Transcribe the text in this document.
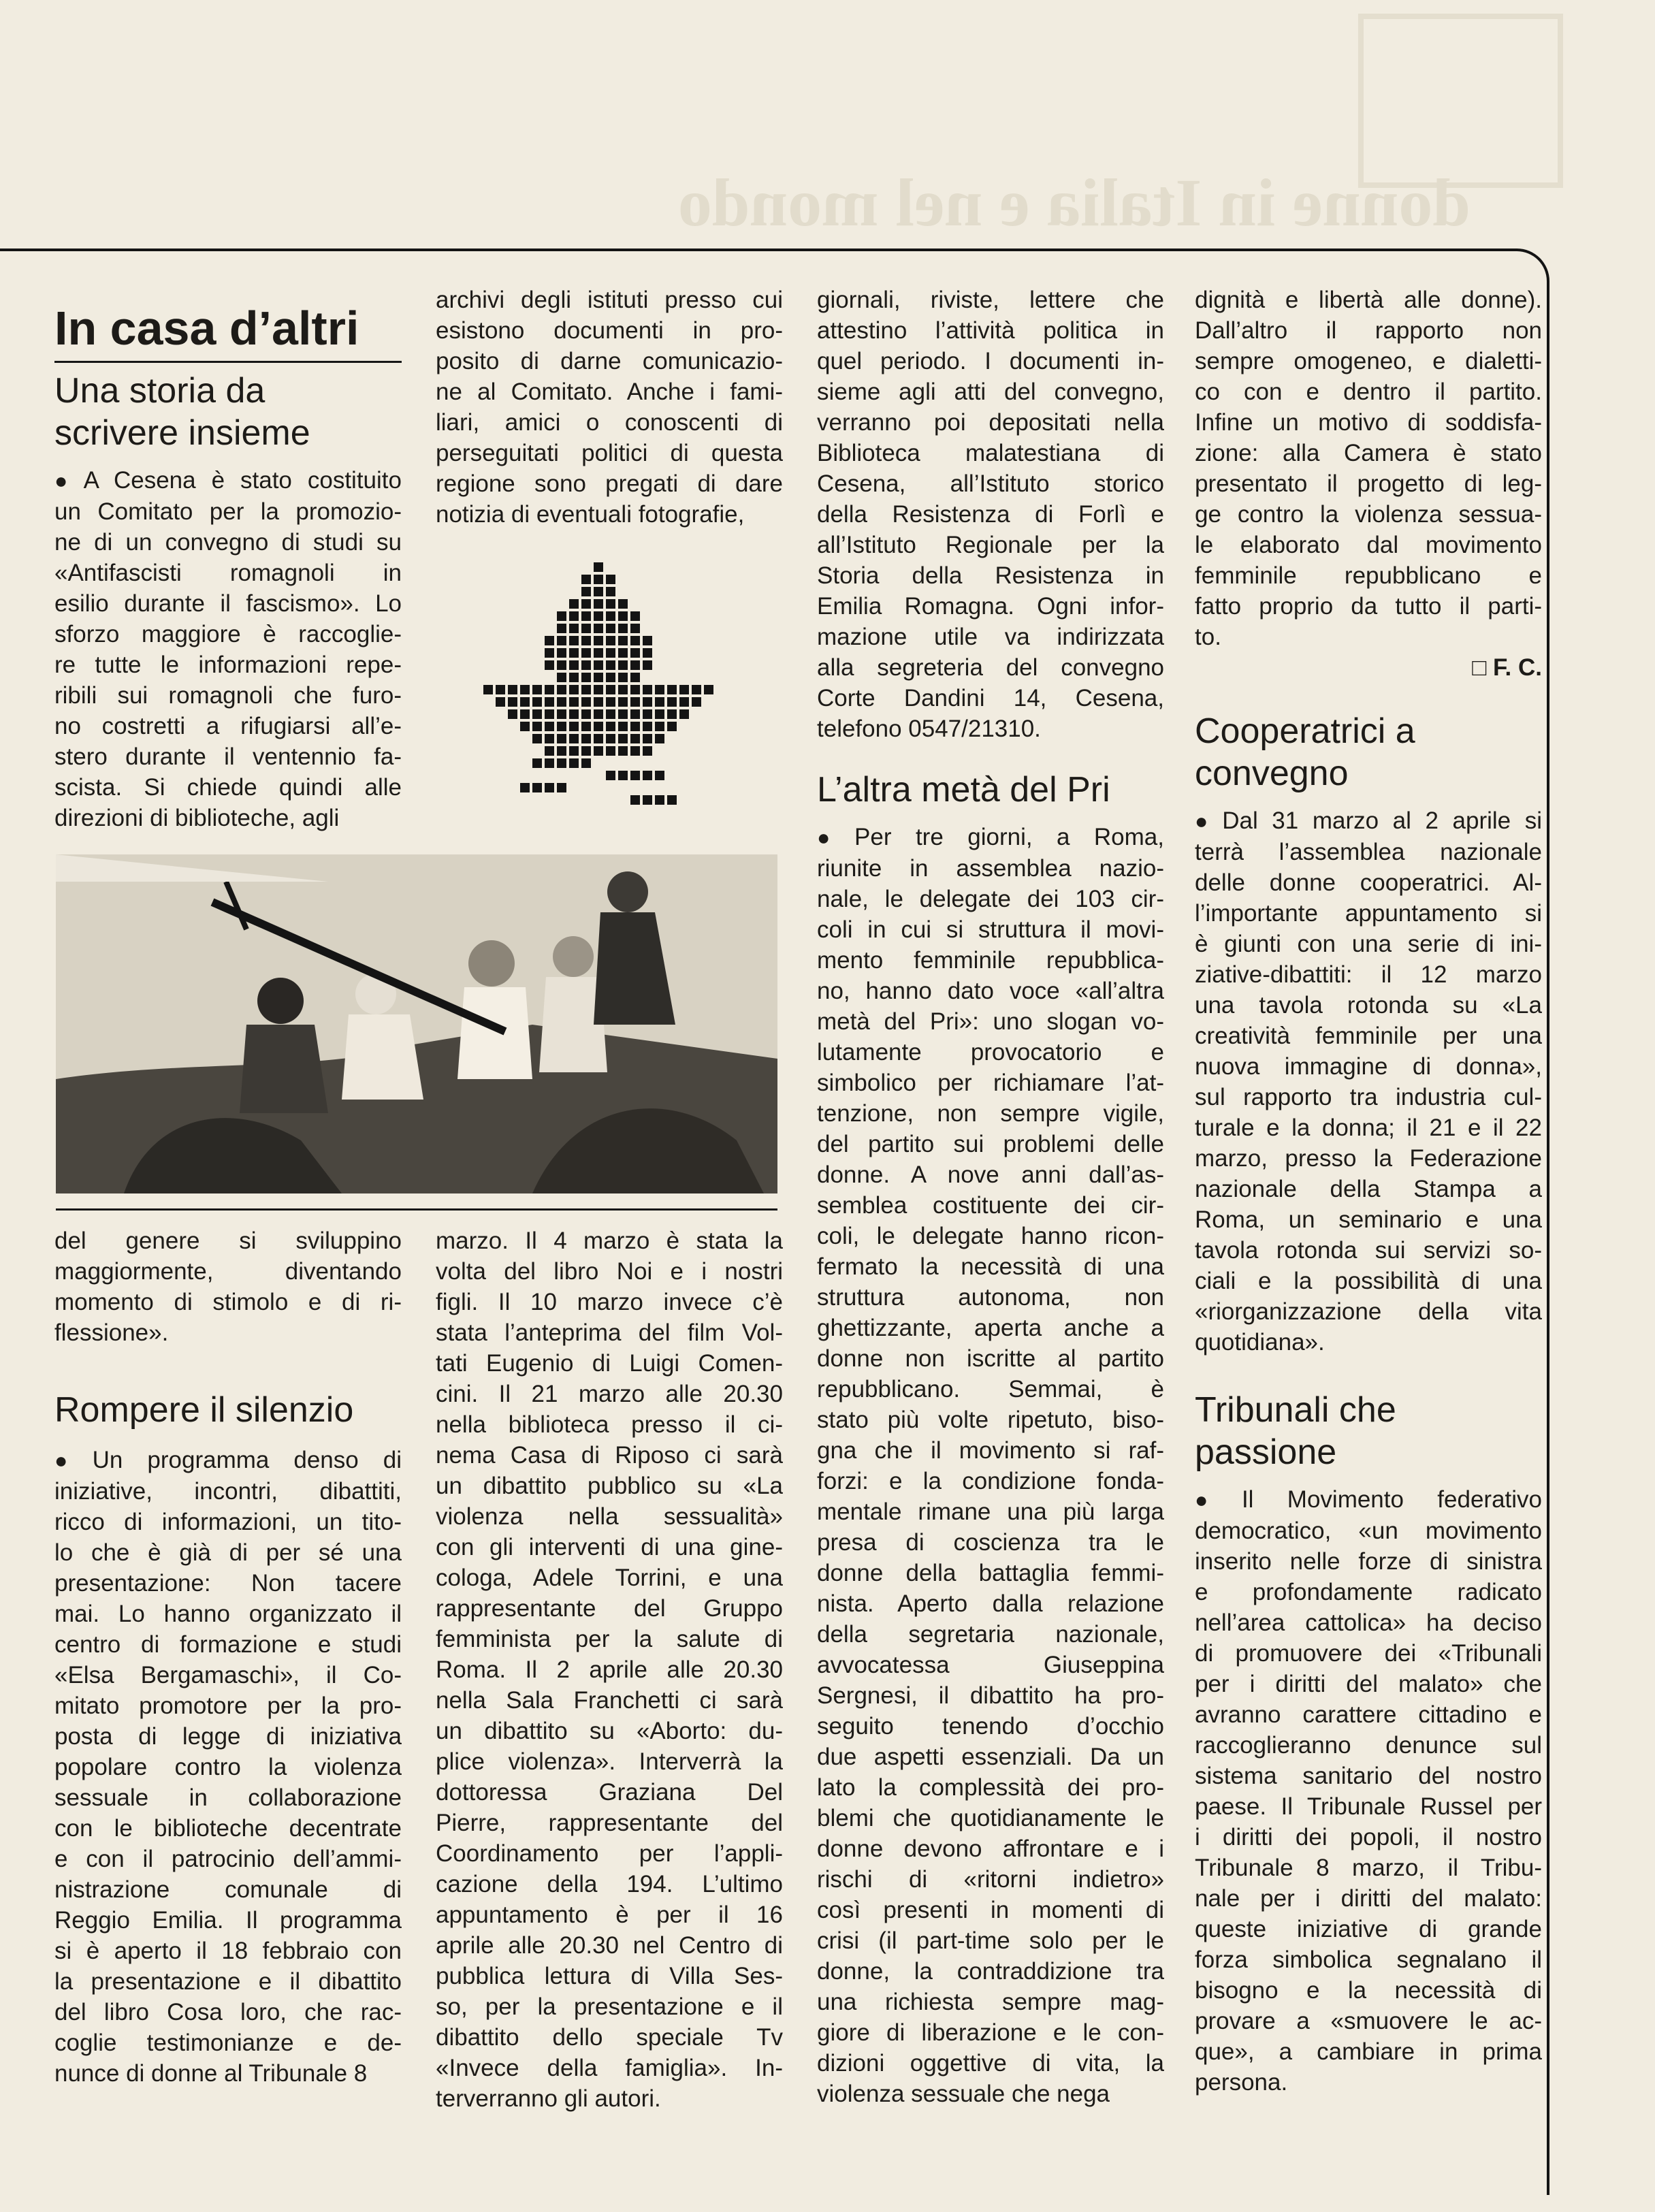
donne in Italia e nel mondo
In casa d’altri
Una storia da scrivere insieme

● A Cesena è stato costituito

un Comitato per la promozio-

ne di un convegno di studi su

«Antifascisti romagnoli in

esilio durante il fascismo». Lo

sforzo maggiore è raccoglie-

re tutte le informazioni repe-

ribili sui romagnoli che furo-

no costretti a rifugiarsi all’e-

stero durante il ventennio fa-

scista. Si chiede quindi alle

direzioni di biblioteche, agli

archivi degli istituti presso cui

esistono documenti in pro-

posito di darne comunicazio-

ne al Comitato. Anche i fami-

liari, amici o conoscenti di

perseguitati politici di questa

regione sono pregati di dare

notizia di eventuali fotografie,

del genere si sviluppino

maggiormente, diventando

momento di stimolo e di ri-

flessione».

Rompere il silenzio

● Un programma denso di

iniziative, incontri, dibattiti,

ricco di informazioni, un tito-

lo che è già di per sé una

presentazione: Non tacere

mai. Lo hanno organizzato il

centro di formazione e studi

«Elsa Bergamaschi», il Co-

mitato promotore per la pro-

posta di legge di iniziativa

popolare contro la violenza

sessuale in collaborazione

con le biblioteche decentrate

e con il patrocinio dell’ammi-

nistrazione comunale di

Reggio Emilia. Il programma

si è aperto il 18 febbraio con

la presentazione e il dibattito

del libro Cosa loro, che rac-

coglie testimonianze e de-

nunce di donne al Tribunale 8

marzo. Il 4 marzo è stata la

volta del libro Noi e i nostri

figli. Il 10 marzo invece c’è

stata l’anteprima del film Vol-

tati Eugenio di Luigi Comen-

cini. Il 21 marzo alle 20.30

nella biblioteca presso il ci-

nema Casa di Riposo ci sarà

un dibattito pubblico su «La

violenza nella sessualità»

con gli interventi di una gine-

cologa, Adele Torrini, e una

rappresentante del Gruppo

femminista per la salute di

Roma. Il 2 aprile alle 20.30

nella Sala Franchetti ci sarà

un dibattito su «Aborto: du-

plice violenza». Interverrà la

dottoressa Graziana Del

Pierre, rappresentante del

Coordinamento per l’appli-

cazione della 194. L’ultimo

appuntamento è per il 16

aprile alle 20.30 nel Centro di

pubblica lettura di Villa Ses-

so, per la presentazione e il

dibattito dello speciale Tv

«Invece della famiglia». In-

terverranno gli autori.

giornali, riviste, lettere che

attestino l’attività politica in

quel periodo. I documenti in-

sieme agli atti del convegno,

verranno poi depositati nella

Biblioteca malatestiana di

Cesena, all’Istituto storico

della Resistenza di Forlì e

all’Istituto Regionale per la

Storia della Resistenza in

Emilia Romagna. Ogni infor-

mazione utile va indirizzata

alla segreteria del convegno

Corte Dandini 14, Cesena,

telefono 0547/21310.

L’altra metà del Pri

● Per tre giorni, a Roma,

riunite in assemblea nazio-

nale, le delegate dei 103 cir-

coli in cui si struttura il movi-

mento femminile repubblica-

no, hanno dato voce «all’altra

metà del Pri»: uno slogan vo-

lutamente provocatorio e

simbolico per richiamare l’at-

tenzione, non sempre vigile,

del partito sui problemi delle

donne. A nove anni dall’as-

semblea costituente dei cir-

coli, le delegate hanno ricon-

fermato la necessità di una

struttura autonoma, non

ghettizzante, aperta anche a

donne non iscritte al partito

repubblicano. Semmai, è

stato più volte ripetuto, biso-

gna che il movimento si raf-

forzi: e la condizione fonda-

mentale rimane una più larga

presa di coscienza tra le

donne della battaglia femmi-

nista. Aperto dalla relazione

della segretaria nazionale,

avvocatessa Giuseppina

Sergnesi, il dibattito ha pro-

seguito tenendo d’occhio

due aspetti essenziali. Da un

lato la complessità dei pro-

blemi che quotidianamente le

donne devono affrontare e i

rischi di «ritorni indietro»

così presenti in momenti di

crisi (il part-time solo per le

donne, la contraddizione tra

una richiesta sempre mag-

giore di liberazione e le con-

dizioni oggettive di vita, la

violenza sessuale che nega

dignità e libertà alle donne).

Dall’altro il rapporto non

sempre omogeneo, e dialetti-

co con e dentro il partito.

Infine un motivo di soddisfa-

zione: alla Camera è stato

presentato il progetto di leg-

ge contro la violenza sessua-

le elaborato dal movimento

femminile repubblicano e

fatto proprio da tutto il parti-

to.

□ F. C.
Cooperatrici a convegno

● Dal 31 marzo al 2 aprile si

terrà l’assemblea nazionale

delle donne cooperatrici. Al-

l’importante appuntamento si

è giunti con una serie di ini-

ziative-dibattiti: il 12 marzo

una tavola rotonda su «La

creatività femminile per una

nuova immagine di donna»,

sul rapporto tra industria cul-

turale e la donna; il 21 e il 22

marzo, presso la Federazione

nazionale della Stampa a

Roma, un seminario e una

tavola rotonda sui servizi so-

ciali e la possibilità di una

«riorganizzazione della vita

quotidiana».

Tribunali che passione

● Il Movimento federativo

democratico, «un movimento

inserito nelle forze di sinistra

e profondamente radicato

nell’area cattolica» ha deciso

di promuovere dei «Tribunali

per i diritti del malato» che

avranno carattere cittadino e

raccoglieranno denunce sul

sistema sanitario del nostro

paese. Il Tribunale Russel per

i diritti dei popoli, il nostro

Tribunale 8 marzo, il Tribu-

nale per i diritti del malato:

queste iniziative di grande

forza simbolica segnalano il

bisogno e la necessità di

provare a «smuovere le ac-

que», a cambiare in prima

persona.
